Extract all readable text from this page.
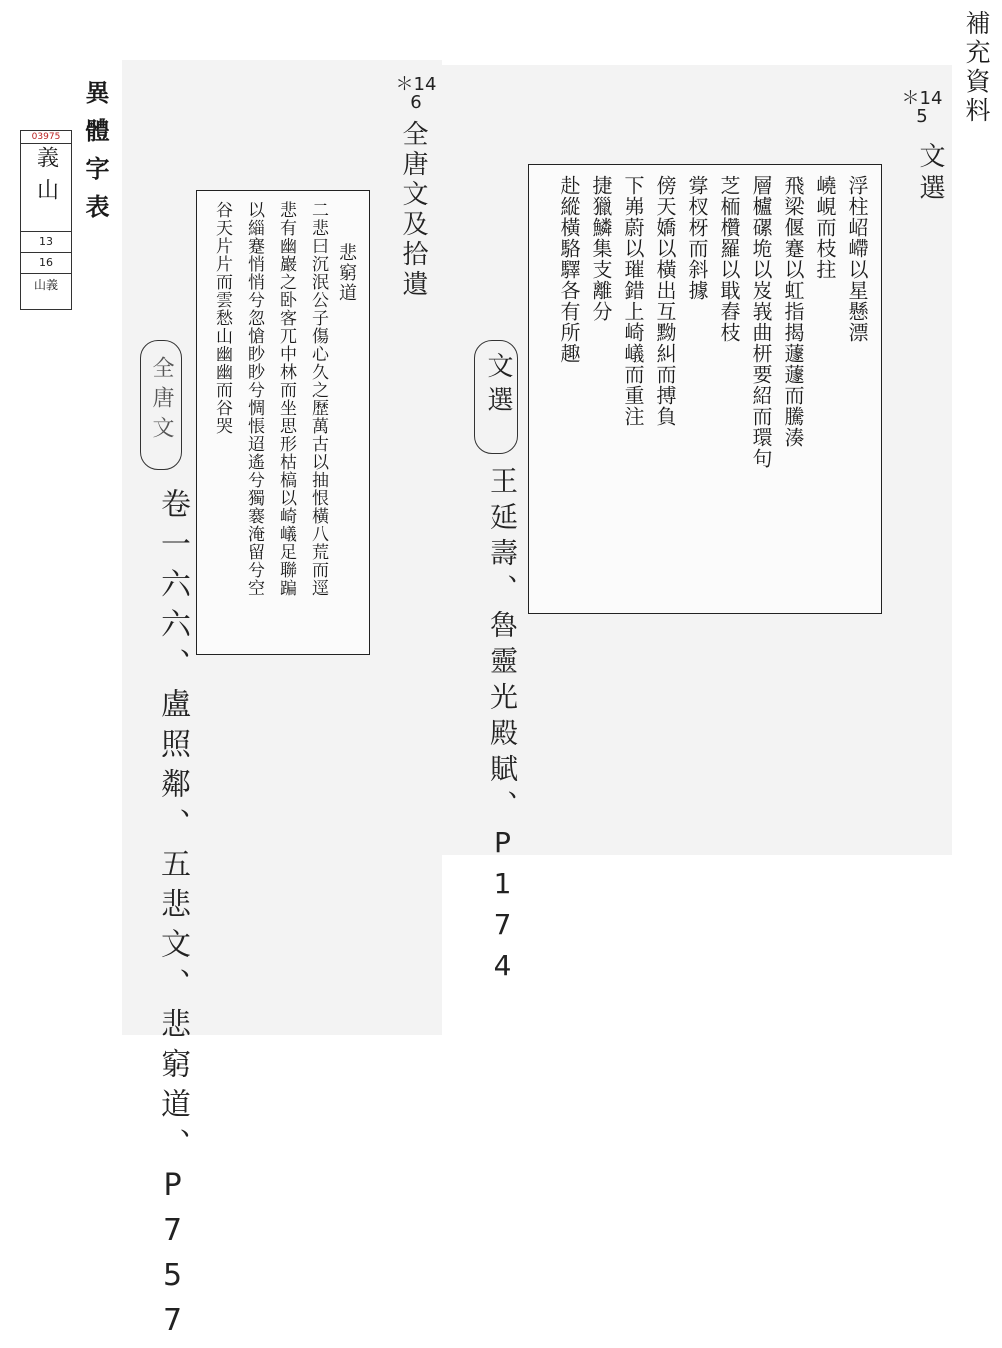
補充資料
異體字表
03975
義山
13
16
山義
＊146
全唐文及拾遺
悲窮道
二悲曰沉泯公子傷心久之歷萬古以抽恨橫八荒而逕
悲有幽巖之卧客兀中林而坐思形枯槁以崎嶬足聯蹁
以緇蹇悄悄兮忽愴眇眇兮惆悵迢遙兮獨褰淹留兮空
谷天片片而雲愁山幽幽而谷哭
全唐文
卷一六六、盧照鄰、五悲文、悲窮道、P757
＊145
文選
浮柱岹嵽以星懸漂
嶢峴而枝拄
飛梁偃蹇以虹指揭蘧蘧而騰湊
層櫨磥垝以岌峩曲枅要紹而環句
芝栭欑羅以戢舂枝
牚杈枒而斜據
傍天嬌以橫出互黝糾而搏負
下岪蔚以璀錯上崎嶬而重注
捷獵鱗集支離分
赴縱橫駱驛各有所趣
文選
王延壽、魯靈光殿賦、P174
